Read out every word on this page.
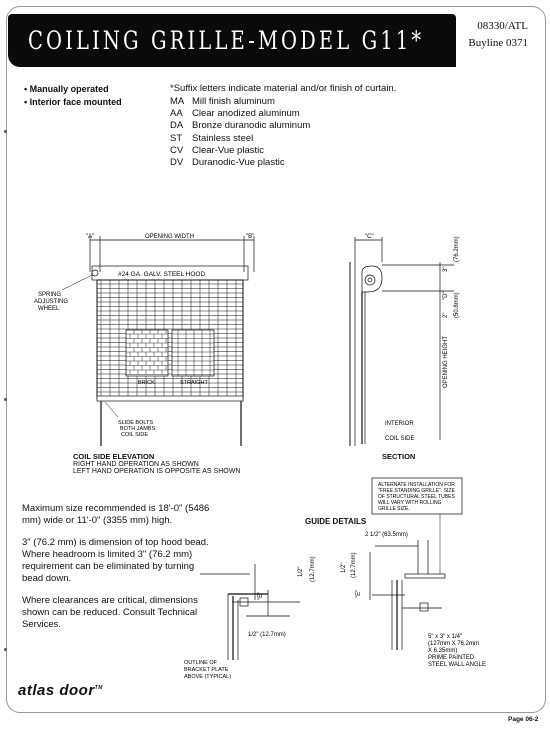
COILING GRILLE-MODEL G11*	08330/ATL
Buyline 0371
• Manually operated
• Interior face mounted
*Suffix letters indicate material and/or finish of curtain.
MA Mill finish aluminum
AA Clear anodized aluminum
DA Bronze duranodic aluminum
ST Stainless steel
CV Clear-Vue plastic
DV Duranodic-Vue plastic
"A"	OPENING WIDTH	"B"
#24 GA. GALV. STEEL HOOD
SPRING
ADJUSTING
WHEEL
BRICK	STRAIGHT
SLIDE BOLTS
BOTH JAMBS
COIL SIDE
"C"
INTERIOR
COIL SIDE
3"
(76.2mm)
"D"
2" (50.8mm)
OPENING HEIGHT
ALTERNATE INSTALLATION FOR
"FREE STANDING GRILLE". SIZE
OF STRUCTURAL STEEL TUBES
WILL VARY WITH ROLLING
GRILLE SIZE.
2 1/2" (63.5mm)
1/2" (12.7mm)
"E"
1/2" (12.7mm)
"E"
1/2" (12.7mm)
OUTLINE OF
BRACKET PLATE
ABOVE (TYPICAL)
5" x 3" x 1/4"
(127mm X 76.2mm
X 6.35mm)
PRIME PAINTED
STEEL WALL ANGLE
COIL SIDE ELEVATION
RIGHT HAND OPERATION AS SHOWN
LEFT HAND OPERATION IS OPPOSITE AS SHOWN
SECTION

Maximum size recommended is 18'-0" (5486 mm) wide or 11'-0" (3355 mm) high.

3" (76.2 mm) is dimension of top hood bead. Where headroom is limited 3" (76.2 mm) requirement can be eliminated by turning bead down.

Where clearances are critical, dimensions shown can be reduced. Consult Technical Services.

GUIDE DETAILS
atlas door™
Page 06-2
